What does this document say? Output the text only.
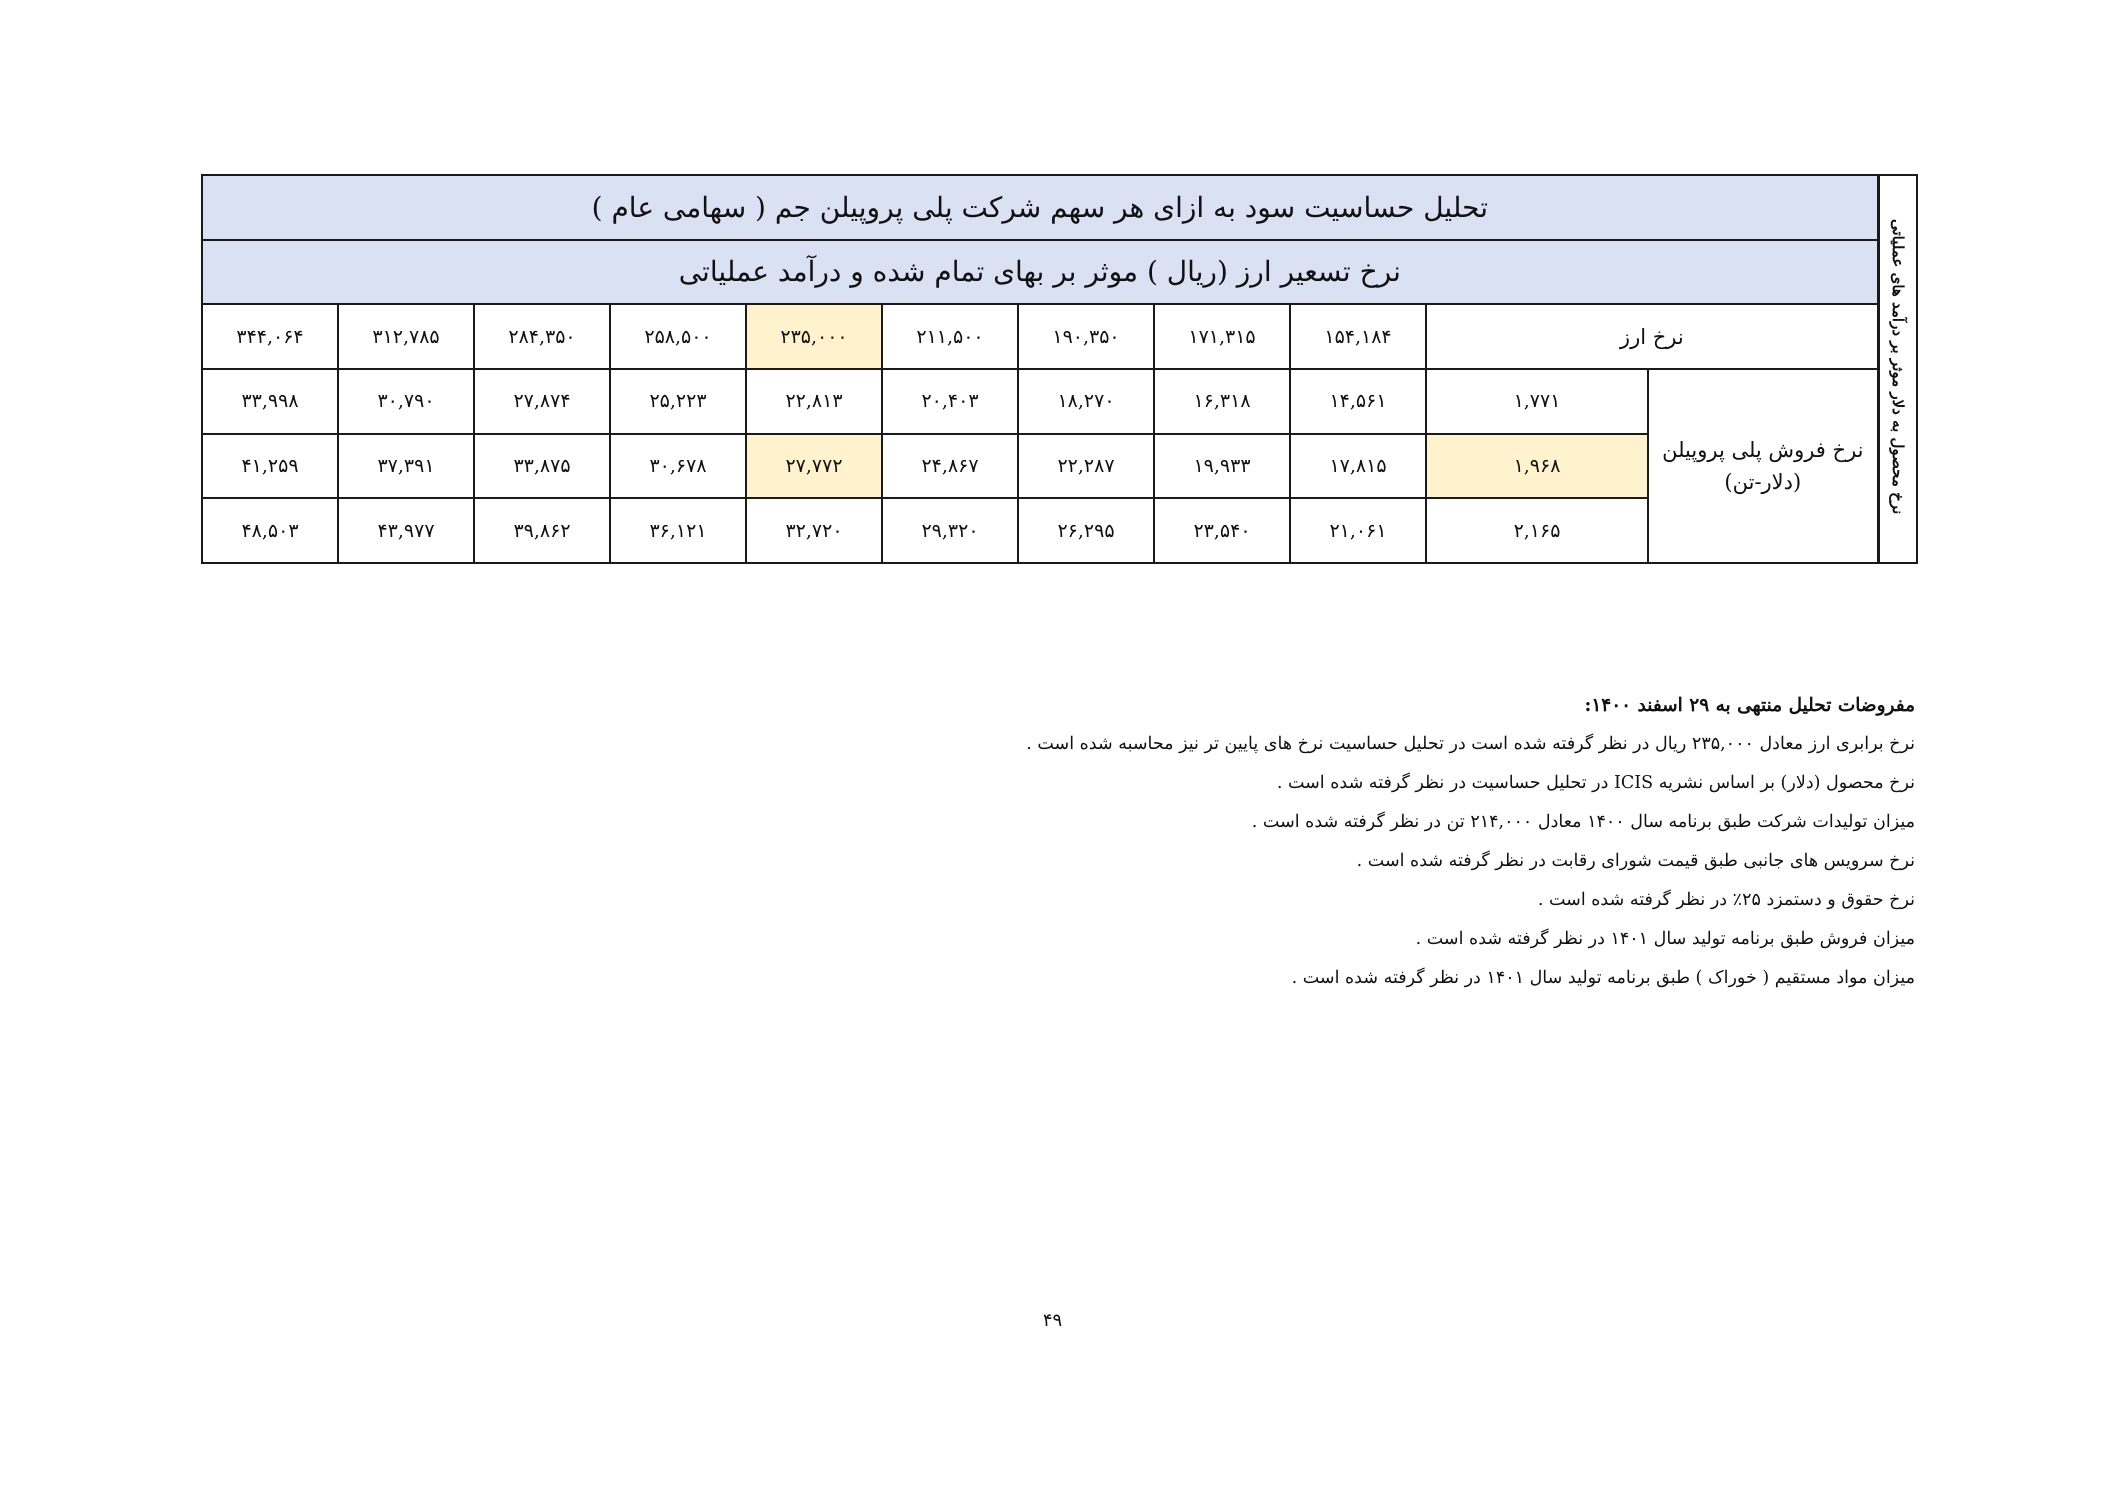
تحلیل حساسیت سود به ازای هر سهم شرکت پلی پروپیلن جم ( سهامی عام )											نرخ محصول به دلار موثر بر درآمد های عملیاتی
نرخ تسعیر ارز (ریال ) موثر بر بهای تمام شده و درآمد عملیاتی											
۳۴۴,۰۶۴	۳۱۲,۷۸۵	۲۸۴,۳۵۰	۲۵۸,۵۰۰	۲۳۵,۰۰۰	۲۱۱,۵۰۰	۱۹۰,۳۵۰	۱۷۱,۳۱۵	۱۵۴,۱۸۴	نرخ ارز		
۳۳,۹۹۸	۳۰,۷۹۰	۲۷,۸۷۴	۲۵,۲۲۳	۲۲,۸۱۳	۲۰,۴۰۳	۱۸,۲۷۰	۱۶,۳۱۸	۱۴,۵۶۱	۱,۷۷۱	نرخ فروش پلی پروپیلن
(دلار-تن)	

۴۱,۲۵۹	۳۷,۳۹۱	۳۳,۸۷۵	۳۰,۶۷۸	۲۷,۷۷۲	۲۴,۸۶۷	۲۲,۲۸۷	۱۹,۹۳۳	۱۷,۸۱۵	۱,۹۶۸		
۴۸,۵۰۳	۴۳,۹۷۷	۳۹,۸۶۲	۳۶,۱۲۱	۳۲,۷۲۰	۲۹,۳۲۰	۲۶,۲۹۵	۲۳,۵۴۰	۲۱,۰۶۱	۲,۱۶۵		
مفروضات تحلیل منتهی به ۲۹ اسفند ۱۴۰۰:
نرخ برابری ارز معادل ۲۳۵,۰۰۰ ریال در نظر گرفته شده است در تحلیل حساسیت نرخ های پایین تر نیز محاسبه شده است .
نرخ محصول (دلار) بر اساس نشریه ICIS در تحلیل حساسیت در نظر گرفته شده است .
میزان تولیدات شرکت طبق برنامه سال ۱۴۰۰ معادل ۲۱۴,۰۰۰ تن در نظر گرفته شده است .
نرخ سرویس های جانبی طبق قیمت شورای رقابت در نظر گرفته شده است .
نرخ حقوق و دستمزد ۲۵٪ در نظر گرفته شده است .
میزان فروش طبق برنامه تولید سال ۱۴۰۱ در نظر گرفته شده است .
میزان مواد مستقیم ( خوراک ) طبق برنامه تولید سال ۱۴۰۱ در نظر گرفته شده است .
۴۹
